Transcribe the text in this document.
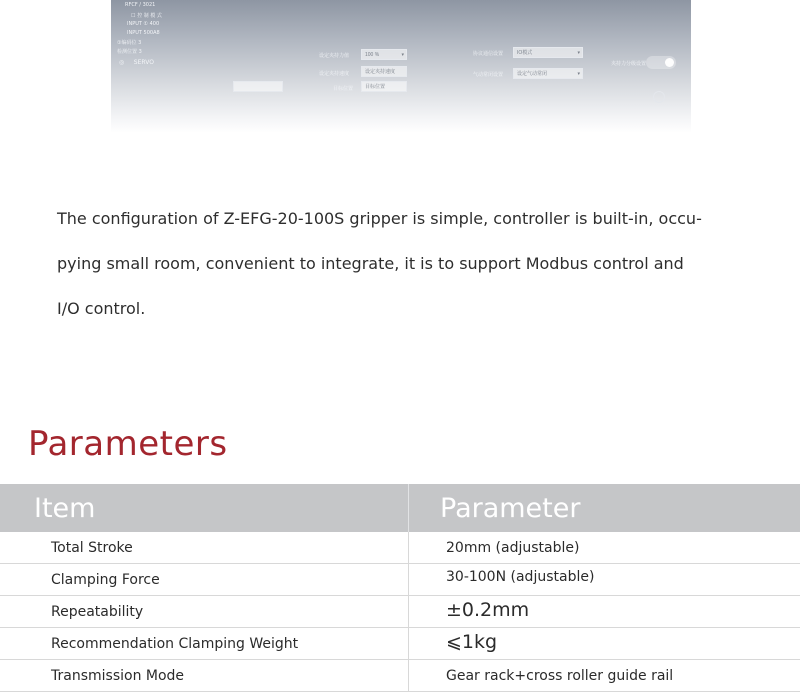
RFCF / 3021
☐ 控 制 模 式
INPUT ① 400
INPUT 500A8
①编码位 3
检测位置 3
◎     SERVO
设定夹持力值	100 %	▾
设定夹持速度	设定夹持速度
目标位置	目标位置
协议通信设置	IO模式	▾
气动常闭设置	设定气动常闭	▾
夹持力分级设置
The configuration of Z-EFG-20-100S gripper is simple, controller is built-in, occu-
pying small room, convenient to integrate, it is to support Modbus control and
I/O control.
Parameters
Item	Parameter
Total Stroke	20mm (adjustable)
Clamping Force	30-100N (adjustable)
Repeatability	±0.2mm
Recommendation Clamping Weight	⩽1kg
Transmission Mode	Gear rack+cross roller guide rail
